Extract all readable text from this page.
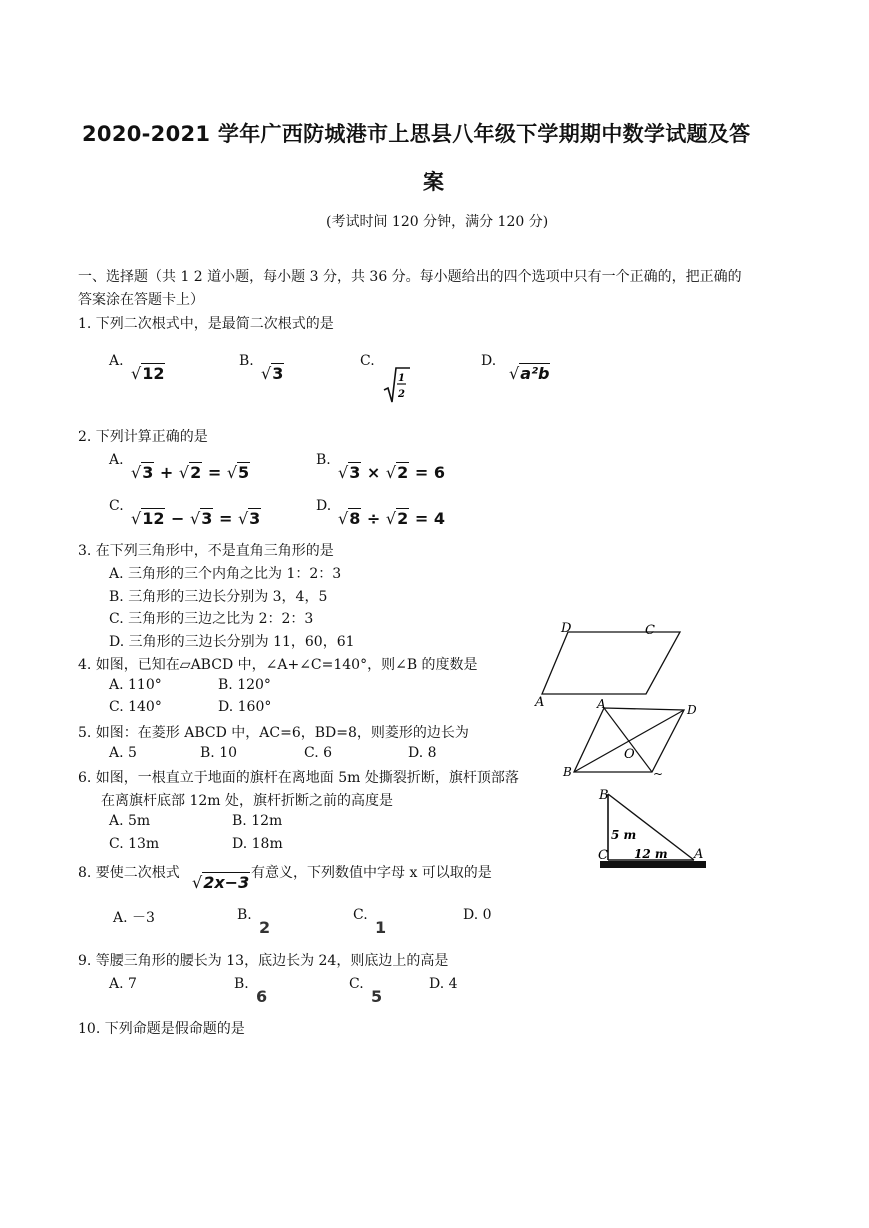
2020-2021 学年广西防城港市上思县八年级下学期期中数学试题及答
案
(考试时间 120 分钟，满分 120 分)
一、选择题（共 1 2 道小题，每小题 3 分，共 36 分。每小题给出的四个选项中只有一个正确的，把正确的
答案涂在答题卡上）
1. 下列二次根式中，是最简二次根式的是
A.
√12
B.
√3
C.
1
2
D.
√a²b
2. 下列计算正确的是
A.
√3 + √2 = √5
B.
√3 × √2 = 6
C.
√12 − √3 = √3
D.
√8 ÷ √2 = 4
3. 在下列三角形中，不是直角三角形的是
A. 三角形的三个内角之比为 1：2：3
B. 三角形的三边长分别为 3，4，5
C. 三角形的三边之比为 2：2：3
D. 三角形的三边长分别为 11，60，61
4. 如图，已知在▱ABCD 中，∠A+∠C=140°，则∠B 的度数是
A. 110°	B. 120°
C. 140°	D. 160°
5. 如图：在菱形 ABCD 中，AC=6，BD=8，则菱形的边长为
A. 5	B. 10	C. 6	D. 8
6. 如图，一根直立于地面的旗杆在离地面 5m 处撕裂折断，旗杆顶部落
在离旗杆底部 12m 处，旗杆折断之前的高度是
A. 5m	B. 12m
C. 13m	D. 18m
8. 要使二次根式 √2x−3 有意义，下列数值中字母 x 可以取的是
A. －3	B.
2
C.
1
D. 0
9. 等腰三角形的腰长为 13，底边长为 24，则底边上的高是
A. 7	B.
6
C.
5
D. 4
10. 下列命题是假命题的是
D	C
A	A	D
O
B	~
B
5 m
C 12 m A
